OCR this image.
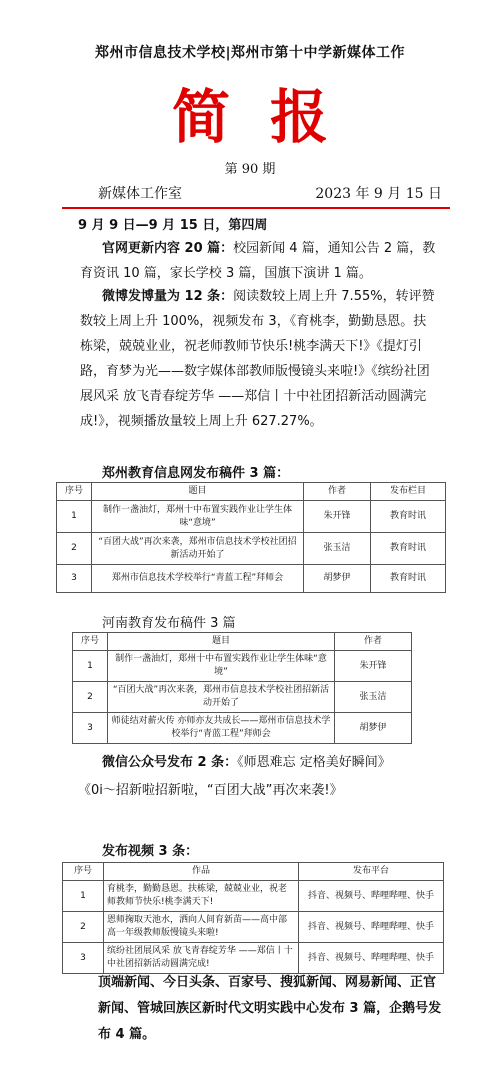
郑州市信息技术学校|郑州市第十中学新媒体工作
简报
第 90 期
新媒体工作室	2023 年 9 月 15 日
9 月 9 日—9 月 15 日，第四周

官网更新内容 20 篇：校园新闻 4 篇，通知公告 2 篇，教育资讯 10 篇，家长学校 3 篇，国旗下演讲 1 篇。

微博发博量为 12 条：阅读数较上周上升 7.55%，转评赞数较上周上升 100%，视频发布 3，《育桃李，勤勤恳恩。扶栋梁，兢兢业业，祝老师教师节快乐!桃李满天下!》《提灯引路，育梦为光——数字媒体部教师版慢镜头来啦!》《缤纷社团展风采 放飞青春绽芳华 ——郑信丨十中社团招新活动圆满完成!》，视频播放量较上周上升 627.27%。

郑州教育信息网发布稿件 3 篇：
序号	题目	作者	发布栏目
1	制作一盏油灯，郑州十中布置实践作业让学生体味“意境”	朱开锋	教育时讯
2	“百团大战”再次来袭，郑州市信息技术学校社团招新活动开始了	张玉洁	教育时讯
3	郑州市信息技术学校举行“青蓝工程”拜师会	胡梦伊	教育时讯
河南教育发布稿件 3 篇
序号	题目	作者
1	制作一盏油灯，郑州十中布置实践作业让学生体味“意境”	朱开锋
2	“百团大战”再次来袭，郑州市信息技术学校社团招新活动开始了	张玉洁
3	师徒结对薪火传 亦师亦友共成长——郑州市信息技术学校举行“青蓝工程”拜师会	胡梦伊
微信公众号发布 2 条：《师恩难忘 定格美好瞬间》
《0i～招新啦招新啦，“百团大战”再次来袭!》
发布视频 3 条：
序号	作品	发布平台
1	育桃李，勤勤恳恩。扶栋梁，兢兢业业，祝老师教师节快乐!桃李满天下!	抖音、视频号、哔哩哔哩、快手
2	恩师掬取天池水，洒向人间育新苗——高中部高一年级教师版慢镜头来啦!	抖音、视频号、哔哩哔哩、快手
3	缤纷社团展风采 放飞青春绽芳华 ——郑信丨十中社团招新活动圆满完成!	抖音、视频号、哔哩哔哩、快手
顶端新闻、今日头条、百家号、搜狐新闻、网易新闻、正官新闻、管城回族区新时代文明实践中心发布 3 篇，企鹅号发布 4 篇。
